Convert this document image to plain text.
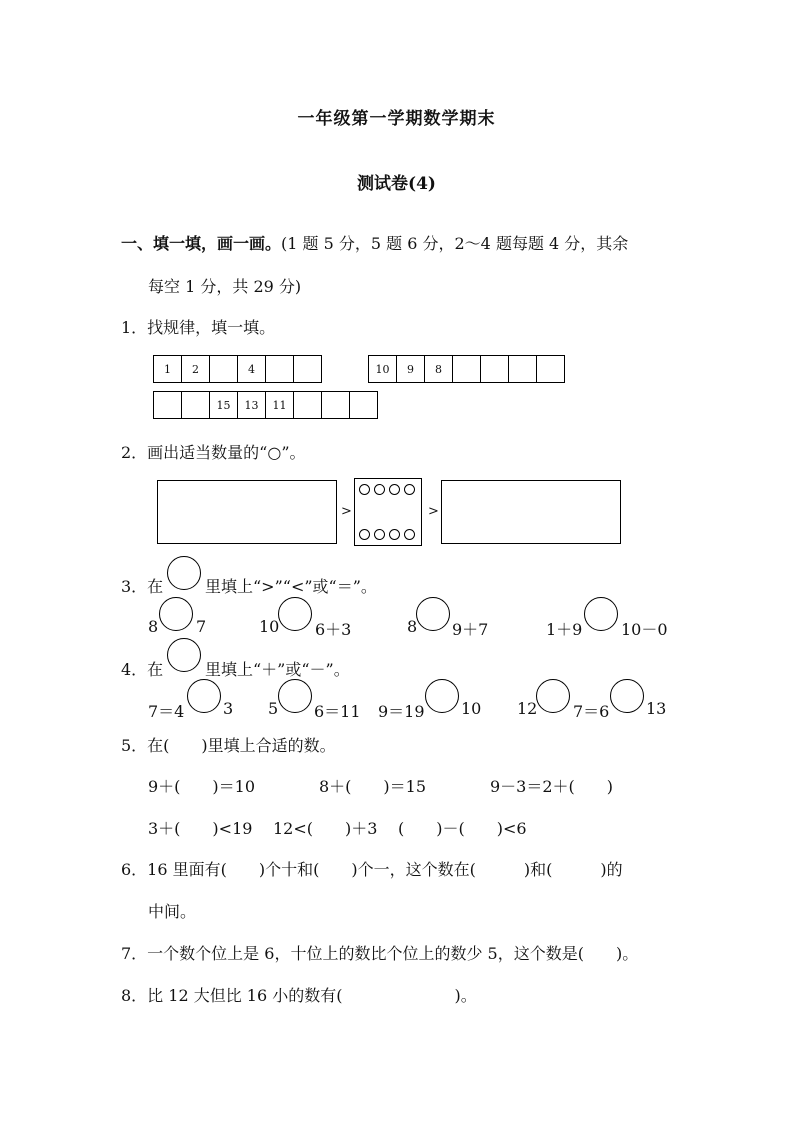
一年级第一学期数学期末
测试卷(4)
一、填一填，画一画。(1 题 5 分，5 题 6 分，2～4 题每题 4 分，其余
每空 1 分，共 29 分)
1．找规律，填一填。
1	2	4	10	9	8
15	13	11
2．画出适当数量的“○”。
>	>
3．在	里填上“>”“<”或“＝”。
8 7	10 6＋3	8 9＋7	1＋9 10－0
4．在	里填上“＋”或“－”。
7＝4 3 5 6＝11 9＝19 10 12 7＝6 13
5．在(　　)里填上合适的数。
9＋(　　)＝10	8＋(　　)＝15	9－3＝2＋(　　)
3＋(　　)<19 12<(　　)＋3 (　　)－(　　)<6
6．16 里面有(　　)个十和(　　)个一，这个数在(　　　)和(　　　)的
中间。
7．一个数个位上是 6，十位上的数比个位上的数少 5，这个数是(　　)。
8．比 12 大但比 16 小的数有(　　　　　　　)。
